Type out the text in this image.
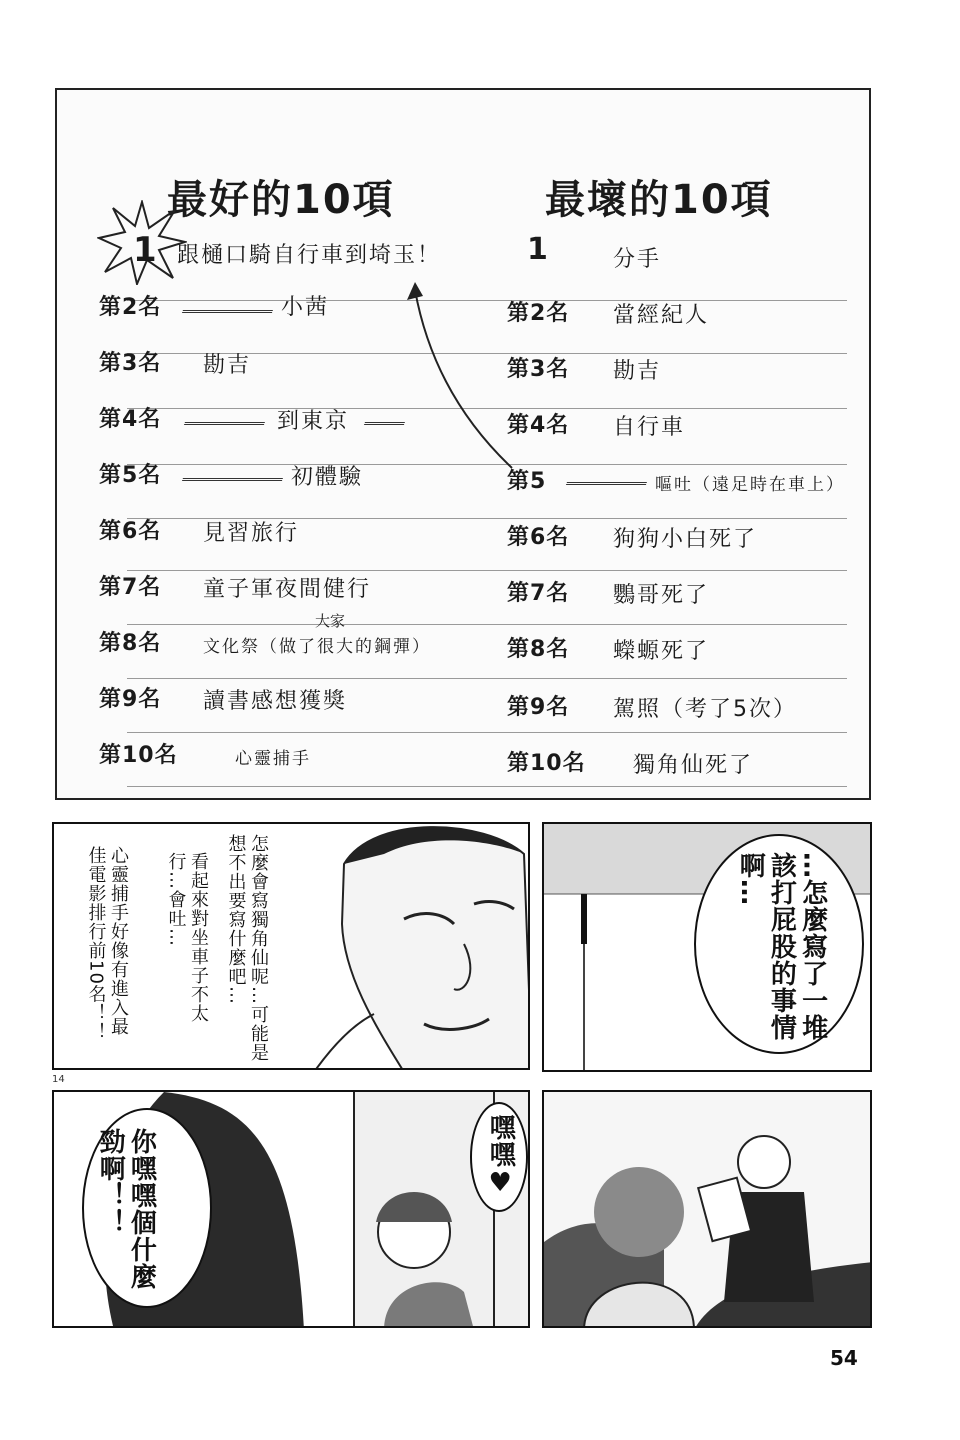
最好的10項	最壞的10項
1 跟樋口騎自行車到埼玉！
第2名	小茜
第3名 勘吉
第4名	到東京
第5名	初體驗
第6名 見習旅行
第7名 童子軍夜間健行
大家
第8名 文化祭（做了很大的鋼彈）
第9名 讀書感想獲獎
第10名	心靈捕手
1	分手
第2名 當經紀人
第3名 勘吉
第4名 自行車
第5	嘔吐（遠足時在車上）
第6名 狗狗小白死了
第7名 鸚哥死了
第8名 蠑螈死了
第9名 駕照（考了5次）
第10名 獨角仙死了
怎麼會寫獨角仙呢…可能是想不出要寫什麼吧…
看起來對坐車子不太行…會吐…
心靈捕手好像有進入最佳電影排行前10名！！
14
…怎麼寫了一堆該打屁股的事情啊…
你嘿嘿個什麼勁啊！！	嘿嘿♥
54
